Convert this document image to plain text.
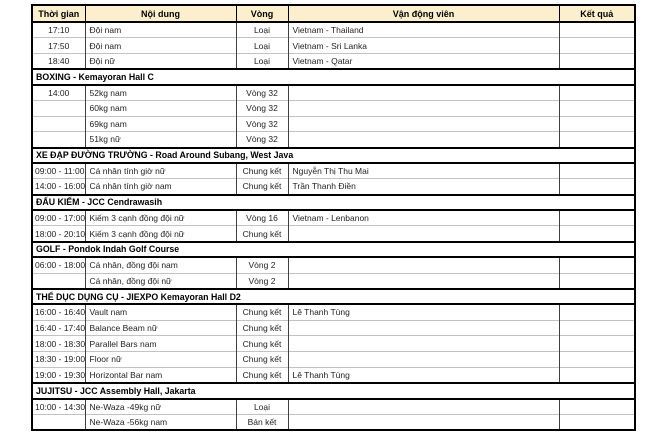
Thời gian	Nội dung	Vòng	Vận động viên	Kết quả
17:10	Đội nam	Loại	Vietnam - Thailand	
17:50	Đội nam	Loại	Vietnam - Sri Lanka	
18:40	Đội nữ	Loại	Vietnam - Qatar	
BOXING - Kemayoran Hall C				
14:00	52kg nam	Vòng 32		
	60kg nam	Vòng 32		
	69kg nam	Vòng 32		
	51kg nữ	Vòng 32		
XE ĐẠP ĐƯỜNG TRƯỜNG - Road Around Subang, West Java				
09:00 - 11:00	Cá nhân tính giờ nữ	Chung kết	Nguyễn Thị Thu Mai	
14:00 - 16:00	Cá nhân tính giờ nam	Chung kết	Trần Thanh Điền	
ĐẤU KIẾM - JCC Cendrawasih				
09:00 - 17:00	Kiếm 3 cạnh đồng đội nữ	Vòng 16	Vietnam - Lenbanon	
18:00 - 20:10	Kiếm 3 cạnh đồng đội nữ	Chung kết		
GOLF - Pondok Indah Golf Course				
06:00 - 18:00	Cá nhân, đồng đội nam	Vòng 2		
	Cá nhân, đồng đội nữ	Vòng 2		
THỂ DỤC DỤNG CỤ - JIEXPO Kemayoran Hall D2				
16:00 - 16:40	Vault nam	Chung kết	Lê Thanh Tùng	
16:40 - 17:40	Balance Beam nữ	Chung kết		
18:00 - 18:30	Parallel Bars nam	Chung kết		
18:30 - 19:00	Floor nữ	Chung kết		
19:00 - 19:30	Horizontal Bar nam	Chung kết	Lê Thanh Tùng	
JUJITSU - JCC Assembly Hall, Jakarta				
10:00 - 14:30	Ne-Waza -49kg nữ	Loại		
	Ne-Waza -56kg nam	Bán kết		
